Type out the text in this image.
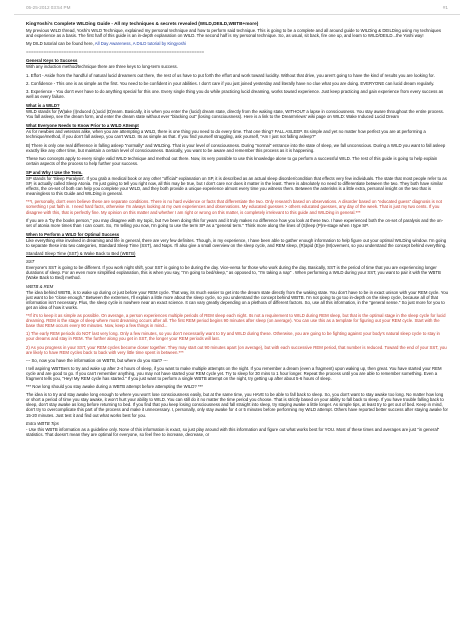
05-25-2012 03:54 PM	#1

KingYoshi's Complete WILDing Guide - All my techniques & secrets revealed (WILD,DEILD,WBTB+more)

My previous WILD thread, Yoshi's WILD Technique, explained my personal technique and how to perform said technique. This is going to be a complete and all around guide to WILDing & DEILDing using my techniques and experience as a basis. The first half of this guide is an in-depth explanation on WILD. The second half is my personal technique. So, as usual, sit back, fire one up, and learn to WILD/DEILD...the Yoshi way!

My DILD tutorial can be found here, All Day Awareness, A DILD tutorial by Kingyoshi

=======================================================================

General Keys to Success

With any induction method/technique there are three keys to long-term success.

1. Effort - Aside from the handful of natural lucid dreamers out there, the rest of us have to put forth the effort and work toward lucidity. Without that drive, you aren't going to have the kind of results you are looking for.

2. Confidence - This one is as simple as the first. You need to be confident in your abilities. I don't care if you just joined yesterday and literally have no clue what you are doing. EVERYONE can lucid dream regularly.

3. Experience - You don't ever have to do anything special for this one. Every single thing you do while practicing lucid dreaming, works toward experience. Just keep practicing and gain experience from every success as well as every failure.

What is a WILD?

WILD stands for (W)ake (I)nduced (L)ucid (D)ream. Basically, it is when you enter the (lucid) dream state, directly from the waking state, WITHOUT a lapse in consciousness. You stay aware throughout the entire process. You fall asleep, see the dream form, and enter the dream state without ever "blacking out" (losing consciousness). Here is a link to the DreamViews' wiki page on WILD: Wake Induced Lucid Dream

What Everyone Needs to Know Prior to a WILD Attempt

As for newbies and veterans alike, when you are attempting a WILD, there is one thing you need to do every time. That one thing? FALL ASLEEP. Its simple and yet no matter how perfect you are at performing a technique/method, if you don't fall asleep, you can't WILD. Its as simple as that. If you find yourself struggling, ask yourself, "Am I just not falling asleep?"

B) There is only one real difference in falling asleep "normally" and WILDing. That is your level of consciousness. During "normal" entrance into the state of sleep, we fall unconscious. During a WILD you want to fall asleep exactly like any other time, but maintain a certain level of consciousness. Basically, you want to be aware and remember this process as it is happening.

These two concepts apply to every single valid WILD technique and method out there. Now, its very possible to use this knowledge alone to go perform a successful WILD. The rest of this guide is going to help explain certain aspects of the process to help further your success.

SP and Why I Use the Term.

SP stands for 'Sleep Paralysis'. If you grab a medical book or any other "official" explanation on SP, it is described as an actual sleep disorder/condition that effects very few individuals. The state that most people refer to as SP, is actually called Sleep Atonia. I'm just going to tell you right now, all this may be true, but I don't care nor does it matter in the least. There is absolutely no need to differentiate between the two. They both have similar effects, the on-set of both can help you complete your WILD, and they both provide a unique experience almost every time you witness them. Between the asterisks is a little extra, personal insight on the two that is meaningless to this Guide and WILDing in general.

***I, personally, don't even believe these are separate conditions. There is no hard evidence or facts that differentiate the two. Only research based on observations. A disorder based on "educated guess" diagnosis is not something I put faith in. I need hard facts, otherwise I'm always looking at my own experiences and observations. My educated guesses > others educated guesses, any day of the week. That is just my two cents. If you disagree with this, that is perfectly fine. My opinion on this matter and whether I am right or wrong on this matter, is completely irrelevant to this guide and WILDing in general.***

If you are a "by the books person," you may disagree with my topic, but I've been doing this for years and it truly makes no difference how you look at these two. I have experienced both the on-set of paralysis and the on-set of atonia more times than I can count. So, I'm telling you now, I'm going to use the term SP as a "general term." Think more along the lines of (S)leep (P)re-stage when I type SP.

When to Perform a WILD for Optimal Success

Like everything else involved in dreaming and life in general, there are very few definites. Though, in my experience, I have been able to gather enough information to help figure out your optimal WILDing window. I'm going to separate these into two categories, Standard Sleep Time (SST), and Naps. I'll also give a small overview on the sleep cycle, and REM sleep, (R)apid (E)ye (M)ovement, so you understand the concept behind everything.

Standard Sleep Time (SST) & Wake Back to Bed (WBTB)

SST

Everyone's SST is going to be different. If you work night shift, your SST is going to be during the day. Vice-versa for those who work during the day. Basically, SST is the period of time that you are experiencing longer durations of sleep. For an even more simplified explanation, this is when you say, "I'm going to bed/sleep," as opposed to, "I'm taking a nap" . When performing a WILD during your SST, you want to pair it with the WBTB (Wake Back to Bed) method.

WBTB & REM

The idea behind WBTB, is to wake up during or just before your REM cycle. That way, its much easier to get into the dream state directly from the waking state. You don't have to be in exact unison with your REM cycle. You just want to be "close enough." Between the extremes, I'll explain a little more about the sleep cycle, so you understand the concept behind WBTB. I'm not going to go too in-depth on the sleep cycle, because all of that information isn't necessary. Plus, the sleep cycle is nowhere near an exact science. It can vary greatly depending on a plethora of different factors. So, use all this information, in the "general sense." So just more for you to get an idea of how it works.

**If it's to keep it as simple as possible. On average, a person experiences multiple periods of REM sleep each night. Its not a requirement to WILD during REM sleep, but that is the optimal stage in the sleep cycle for lucid dreaming. REM is the stage of sleep where most dreaming occurs after all. The first REM period begins 90 minutes after sleep (on average). You can use this as a template for figuring out your REM cycle. Start with the base that REM occurs every 90 minutes. Now, keep a few things in mind...

1) The early REM periods do NOT last very long. Only a few minutes, so you don't necessarily want to try and WILD during these. Otherwise, you are going to be fighting against your body's natural sleep cycle to stay in your dreams and stay in REM. The further along you get in SST, the longer your REM periods will last.

2) As you progress in your SST, your REM cycles become closer together. They may start out 90 minutes apart (on average), but with each successive REM period, that number is reduced. Toward the end of your SST, you are likely to have REM cycles back to back with very little time spent in between.***

--- So, now you have the information on WBTB, but where do you start? ---

I tell aspiring WBTBers to try and wake up after 2-4 hours of sleep, if you want to make multiple attempts on the night. If you remember a dream (even a fragment) upon waking up, then great. You have started your REM cycle and are good to go. If you can't remember anything, you may not have started your REM cycle yet. Try to sleep for 30 mins to 1 hour longer. Repeat the process until you are able to remember something. Even a fragment tells you, "Hey! My REM cycle has started." If you just want to perform a single WBTB attempt on the night, try getting up after about 5-6 hours of sleep.

*** Now long should you stay awake during a WBTB attempt before attempting the WILD? ***

The idea is to try and stay awake long enough to where you won't lose consciousness easily, but at the same time, you HAVE to be able to fall back to sleep. So, you don't want to stay awake too long. No matter how long or short a period of time you stay awake, it won't hurt your ability to WILD. You can still do it no matter the time period you choose. That is strictly based on your ability to fall back to sleep. If you have trouble falling back to sleep, don't stay awake as long before returning to bed. If you find that you keep losing consciousness and fall straight into sleep, try staying awake a little longer. As simple tips, at least try to get out of bed. Keep in mind, don't try to overcomplicate this part of the process and make it unnecessary. I, personally, only stay awake for 4 or 5 minutes before performing my WILD attempt. Others have reported better success after staying awake for 15-20 minutes. Just test it and find out what works best for you.

Extra WBTB Tips

- Use this WBTB information as a guideline only. None of this information is exact, so just play around with this information and figure out what works best for YOU. Most of these times and averages are just "in general" statistics. That doesn't mean they are optimal for everyone, so feel free to increase, decrease, or
